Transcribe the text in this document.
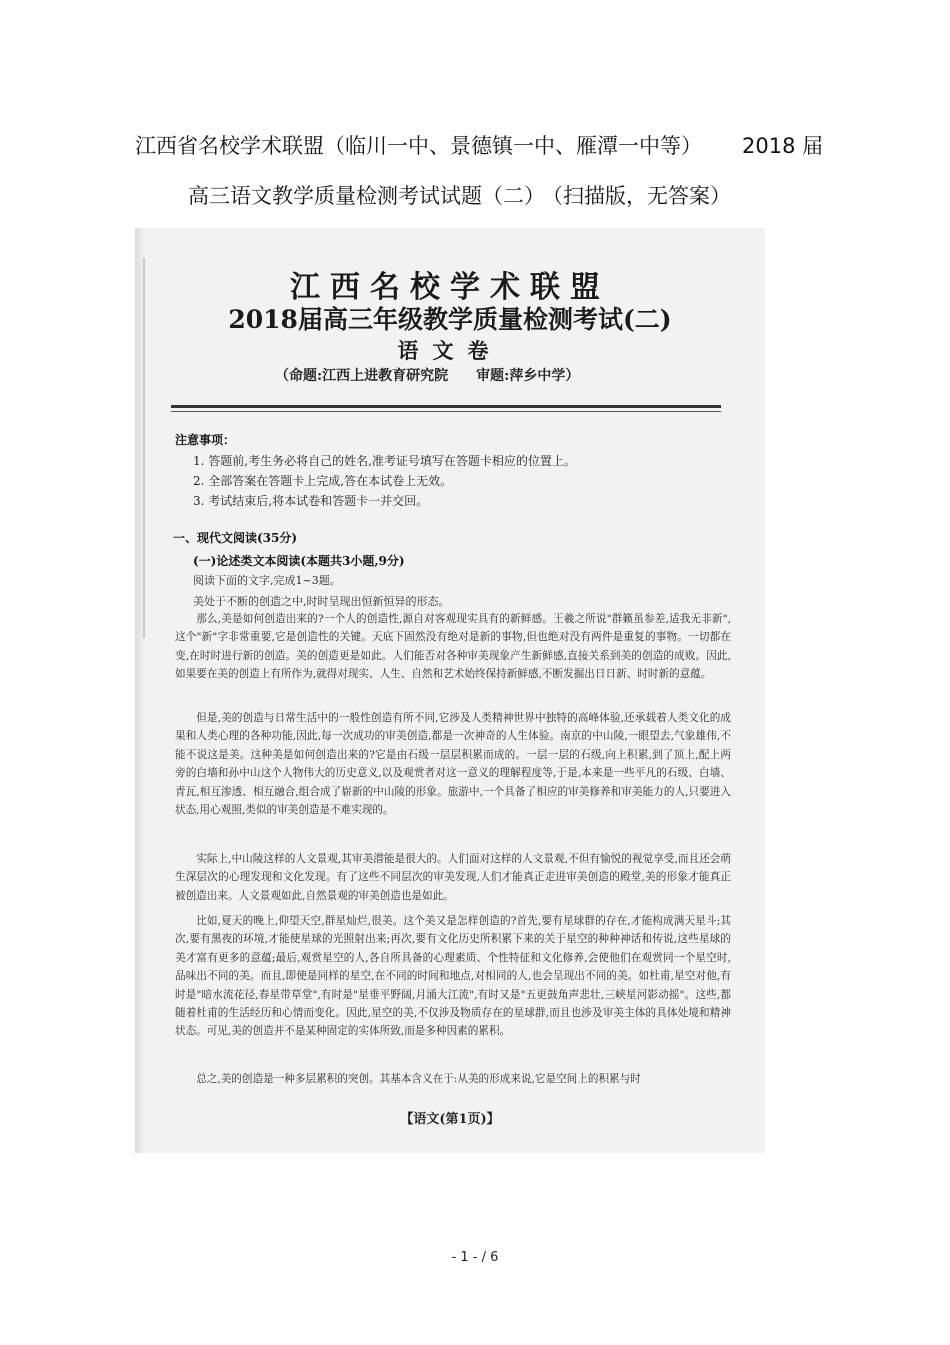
江西省名校学术联盟（临川一中、景德镇一中、雁潭一中等） 2018 届
高三语文教学质量检测考试试题（二）
（扫描版，无答案）
江西名校学术联盟
2018届高三年级教学质量检测考试(二)
语文卷
（命题:江西上进教育研究院 审题:萍乡中学）
注意事项：
1. 答题前,考生务必将自己的姓名,准考证号填写在答题卡相应的位置上。
2. 全部答案在答题卡上完成,答在本试卷上无效。
3. 考试结束后,将本试卷和答题卡一并交回。
一、现代文阅读(35分)
(一)论述类文本阅读(本题共3小题,9分)
阅读下面的文字,完成1~3题。
美处于不断的创造之中,时时呈现出恒新恒异的形态。
那么,美是如何创造出来的?一个人的创造性,源自对客观现实具有的新鲜感。王羲之所说"群籁虽参差,适我无非新",这个"新"字非常重要,它是创造性的关键。天底下固然没有绝对是新的事物,但也绝对没有两件是重复的事物。一切都在变,在时时进行新的创造。美的创造更是如此。人们能否对各种审美现象产生新鲜感,直接关系到美的创造的成败。因此,如果要在美的创造上有所作为,就得对现实、人生、自然和艺术始终保持新鲜感,不断发掘出日日新、时时新的意蕴。
但是,美的创造与日常生活中的一般性创造有所不同,它涉及人类精神世界中独特的高峰体验,还承载着人类文化的成果和人类心理的各种功能,因此,每一次成功的审美创造,都是一次神奇的人生体验。南京的中山陵,一眼望去,气象雄伟,不能不说这是美。这种美是如何创造出来的?它是由石级一层层积累而成的。一层一层的石级,向上积累,到了顶上,配上两旁的白墙和孙中山这个人物伟大的历史意义,以及观赏者对这一意义的理解程度等,于是,本来是一些平凡的石级、白墙、青瓦,相互渗透、相互融合,组合成了崭新的中山陵的形象。旅游中,一个具备了相应的审美修养和审美能力的人,只要进入状态,用心观照,类似的审美创造是不难实现的。
实际上,中山陵这样的人文景观,其审美潜能是很大的。人们面对这样的人文景观,不但有愉悦的视觉享受,而且还会萌生深层次的心理发现和文化发现。有了这些不同层次的审美发现,人们才能真正走进审美创造的殿堂,美的形象才能真正被创造出来。人文景观如此,自然景观的审美创造也是如此。
比如,夏天的晚上,仰望天空,群星灿烂,很美。这个美又是怎样创造的?首先,要有星球群的存在,才能构成满天星斗;其次,要有黑夜的环境,才能使星球的光照射出来;再次,要有文化历史所积累下来的关于星空的种种神话和传说,这些星球的美才富有更多的意蕴;最后,观赏星空的人,各自所具备的心理素质、个性特征和文化修养,会使他们在观赏同一个星空时,品味出不同的美。而且,即使是同样的星空,在不同的时间和地点,对相同的人,也会呈现出不同的美。如杜甫,星空对他,有时是"暗水流花径,春星带草堂",有时是"星垂平野阔,月涌大江流",有时又是"五更鼓角声悲壮,三峡星河影动摇"。这些,都随着杜甫的生活经历和心情而变化。因此,星空的美,不仅涉及物质存在的星球群,而且也涉及审美主体的具体处境和精神状态。可见,美的创造并不是某种固定的实体所致,而是多种因素的累积。
总之,美的创造是一种多层累积的突创。其基本含义在于:从美的形成来说,它是空间上的积累与时
【语文(第1页)】
- 1 - / 6
